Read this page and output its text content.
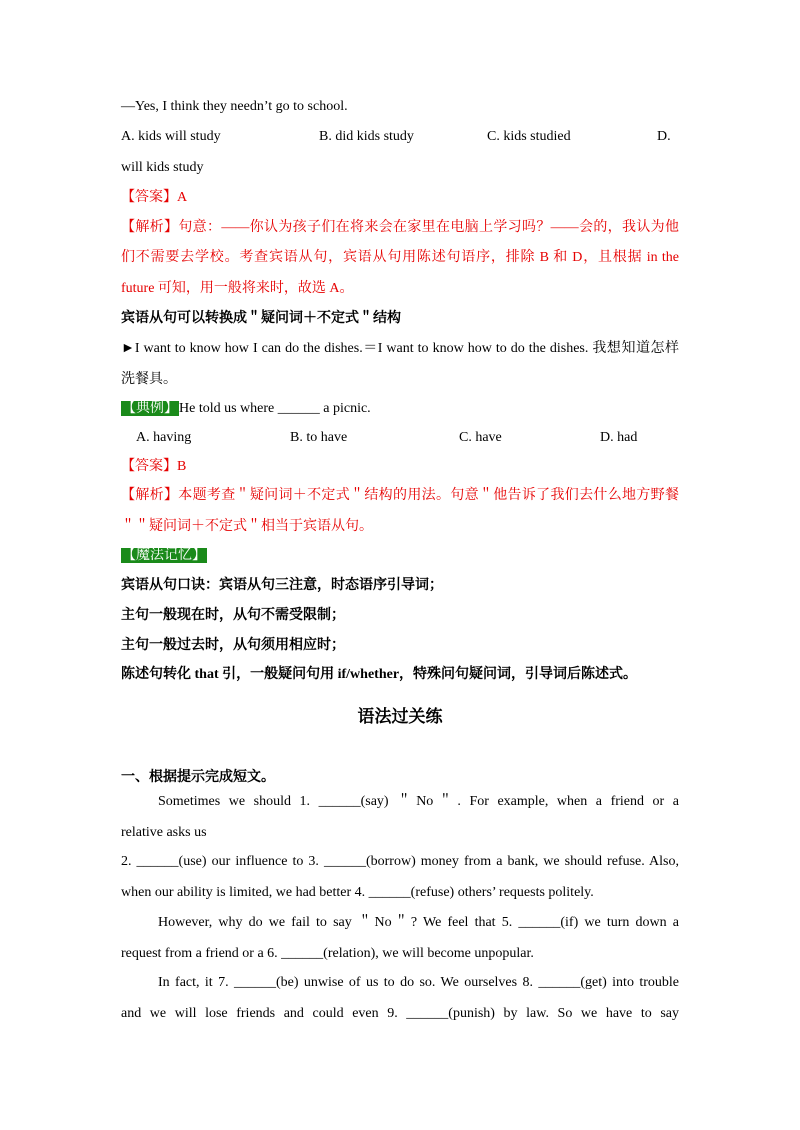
—Yes, I think they needn’t go to school.
A. kids will study	B. did kids study	C. kids studied	D.
will kids study
【答案】A
【解析】句意：——你认为孩子们在将来会在家里在电脑上学习吗？——会的，我认为他
们不需要去学校。考查宾语从句，宾语从句用陈述句语序，排除 B 和 D，且根据 in the
future 可知，用一般将来时，故选 A。
宾语从句可以转换成＂疑问词＋不定式＂结构
►I want to know how I can do the dishes.＝I want to know how to do the dishes. 我想知道怎样
洗餐具。
【典例】He told us where ______ a picnic.
A. having	B. to have	C. have	D. had
【答案】B
【解析】本题考查＂疑问词＋不定式＂结构的用法。句意＂他告诉了我们去什么地方野餐
＂＂疑问词＋不定式＂相当于宾语从句。
【魔法记忆】
宾语从句口诀：宾语从句三注意，时态语序引导词；
主句一般现在时，从句不需受限制；
主句一般过去时，从句须用相应时；
陈述句转化 that 引，一般疑问句用 if/whether，特殊问句疑问词，引导词后陈述式。
语法过关练
一、根据提示完成短文。
Sometimes we should 1. ______(say) ＂No＂. For example, when a friend or a
relative asks us
2. ______(use) our influence to 3. ______(borrow) money from a bank, we should refuse. Also,
when our ability is limited, we had better 4. ______(refuse) others’ requests politely.
However, why do we fail to say ＂No＂? We feel that 5. ______(if) we turn down a
request from a friend or a 6. ______(relation), we will become unpopular.
In fact, it 7. ______(be) unwise of us to do so. We ourselves 8. ______(get) into trouble
and we will lose friends and could even 9. ______(punish) by law. So we have to say
